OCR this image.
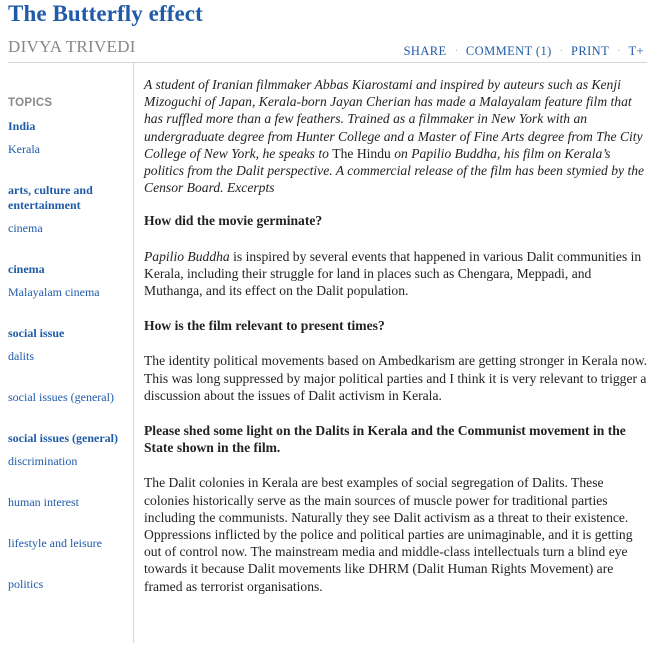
The Butterfly effect
DIVYA TRIVEDI	SHARE · COMMENT (1) · PRINT · T+
TOPICS
India
Kerala
arts, culture and entertainment
cinema
cinema
Malayalam cinema
social issue
dalits
social issues (general)
social issues (general)
discrimination
human interest
lifestyle and leisure
politics

A student of Iranian filmmaker Abbas Kiarostami and inspired by auteurs such as Kenji Mizoguchi of Japan, Kerala-born Jayan Cherian has made a Malayalam feature film that has ruffled more than a few feathers. Trained as a filmmaker in New York with an undergraduate degree from Hunter College and a Master of Fine Arts degree from The City College of New York, he speaks to The Hindu on Papilio Buddha, his film on Kerala’s politics from the Dalit perspective. A commercial release of the film has been stymied by the Censor Board. Excerpts

How did the movie germinate?

Papilio Buddha is inspired by several events that happened in various Dalit communities in Kerala, including their struggle for land in places such as Chengara, Meppadi, and Muthanga, and its effect on the Dalit population.

How is the film relevant to present times?

The identity political movements based on Ambedkarism are getting stronger in Kerala now. This was long suppressed by major political parties and I think it is very relevant to trigger a discussion about the issues of Dalit activism in Kerala.

Please shed some light on the Dalits in Kerala and the Communist movement in the State shown in the film.

The Dalit colonies in Kerala are best examples of social segregation of Dalits. These colonies historically serve as the main sources of muscle power for traditional parties including the communists. Naturally they see Dalit activism as a threat to their existence. Oppressions inflicted by the police and political parties are unimaginable, and it is getting out of control now. The mainstream media and middle-class intellectuals turn a blind eye towards it because Dalit movements like DHRM (Dalit Human Rights Movement) are framed as terrorist organisations.
